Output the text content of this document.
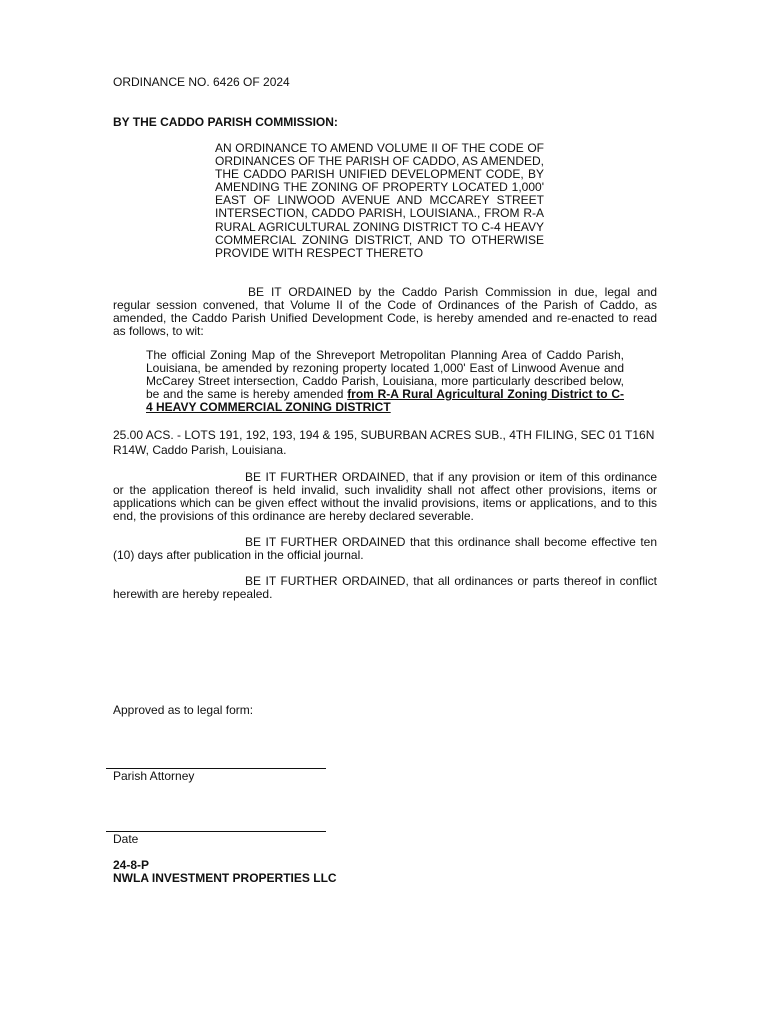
ORDINANCE NO. 6426 OF 2024
BY THE CADDO PARISH COMMISSION:
AN ORDINANCE TO AMEND VOLUME II OF THE CODE OF ORDINANCES OF THE PARISH OF CADDO, AS AMENDED, THE CADDO PARISH UNIFIED DEVELOPMENT CODE, BY AMENDING THE ZONING OF PROPERTY LOCATED 1,000' EAST OF LINWOOD AVENUE AND MCCAREY STREET INTERSECTION, CADDO PARISH, LOUISIANA., FROM R-A RURAL AGRICULTURAL ZONING DISTRICT TO C-4 HEAVY COMMERCIAL ZONING DISTRICT, AND TO OTHERWISE PROVIDE WITH RESPECT THERETO
BE IT ORDAINED by the Caddo Parish Commission in due, legal and regular session convened, that Volume II of the Code of Ordinances of the Parish of Caddo, as amended, the Caddo Parish Unified Development Code, is hereby amended and re-enacted to read as follows, to wit:
The official Zoning Map of the Shreveport Metropolitan Planning Area of Caddo Parish, Louisiana, be amended by rezoning property located 1,000' East of Linwood Avenue and McCarey Street intersection, Caddo Parish, Louisiana, more particularly described below, be and the same is hereby amended from R-A Rural Agricultural Zoning District to C-4 HEAVY COMMERCIAL ZONING DISTRICT
25.00 ACS. - LOTS 191, 192, 193, 194 & 195, SUBURBAN ACRES SUB., 4TH FILING, SEC 01 T16N R14W, Caddo Parish, Louisiana.
BE IT FURTHER ORDAINED, that if any provision or item of this ordinance or the application thereof is held invalid, such invalidity shall not affect other provisions, items or applications which can be given effect without the invalid provisions, items or applications, and to this end, the provisions of this ordinance are hereby declared severable.
BE IT FURTHER ORDAINED that this ordinance shall become effective ten (10) days after publication in the official journal.
BE IT FURTHER ORDAINED, that all ordinances or parts thereof in conflict herewith are hereby repealed.
Approved as to legal form:
Parish Attorney
Date
24-8-P
NWLA INVESTMENT PROPERTIES LLC
